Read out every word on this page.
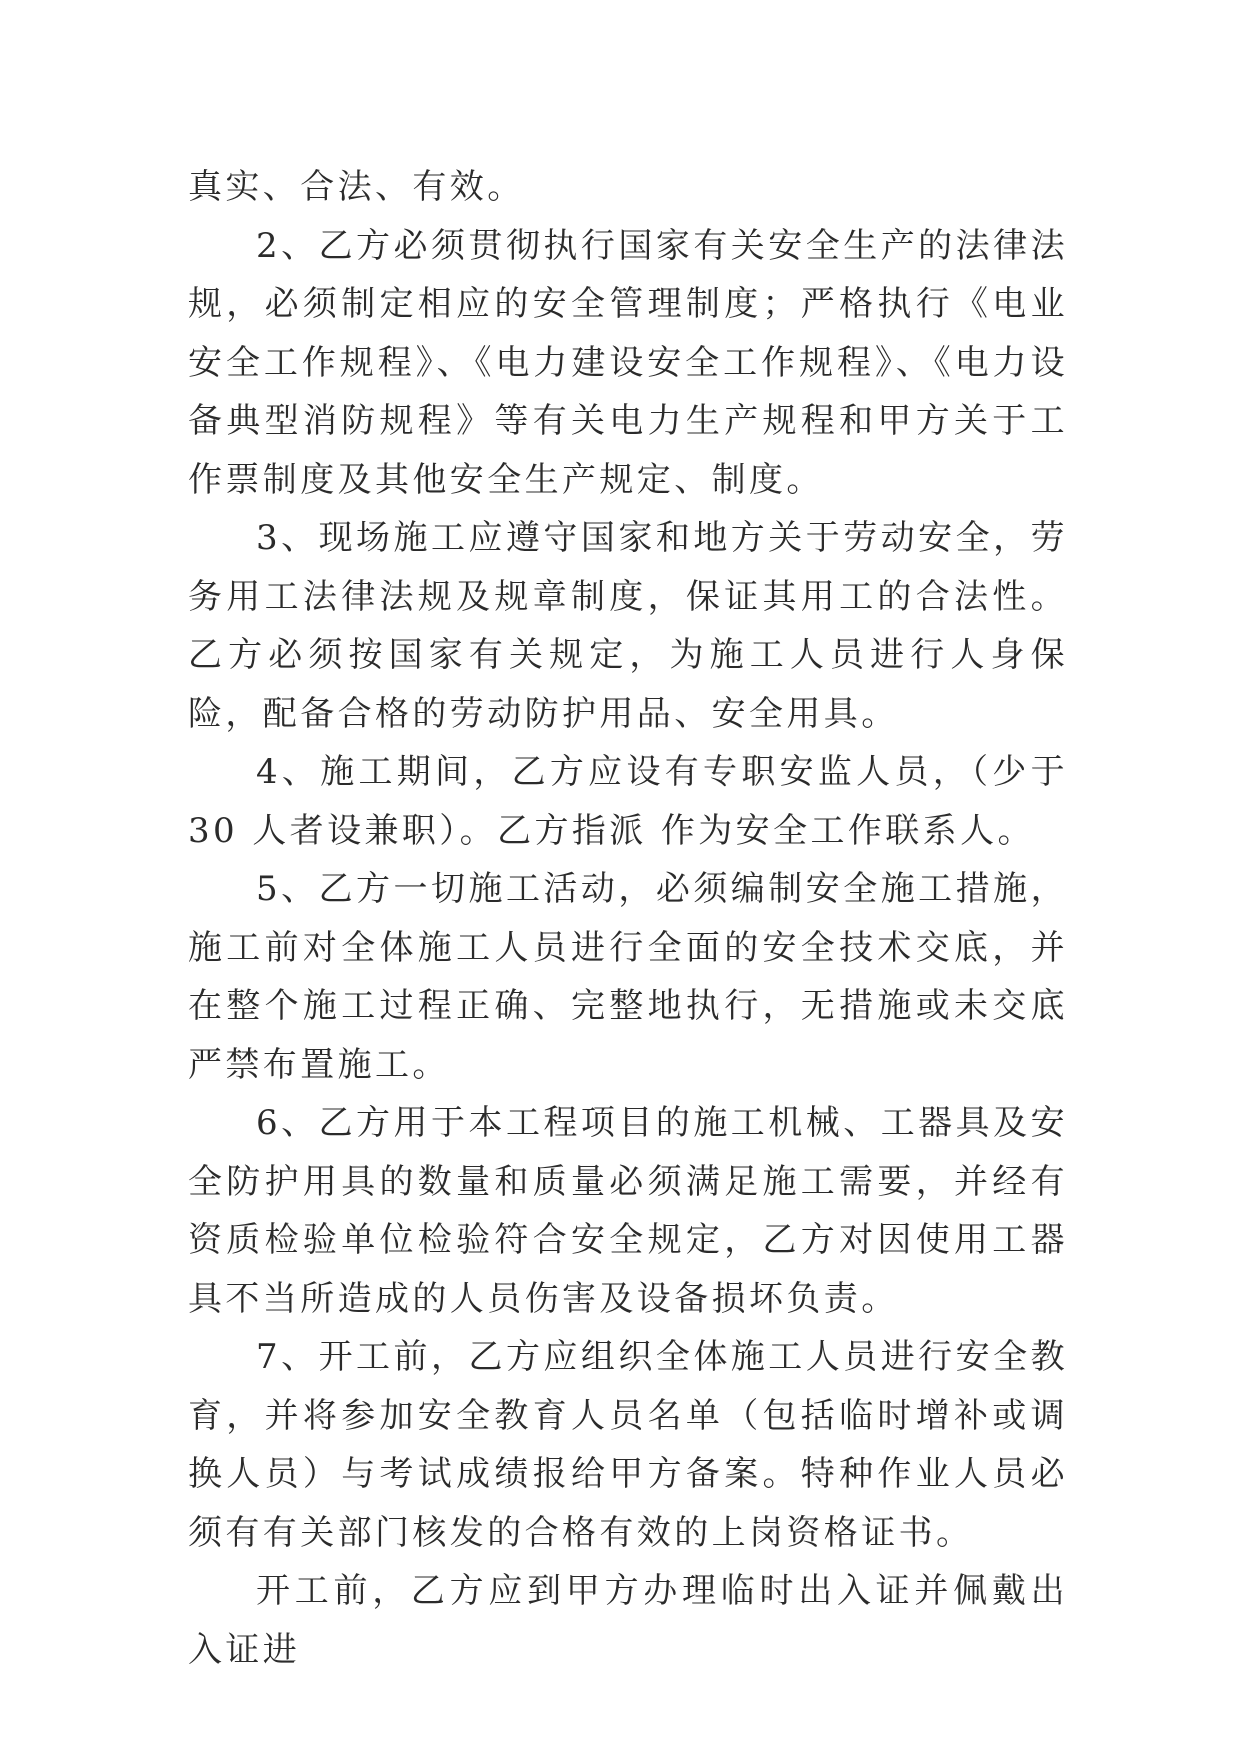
真实、合法、有效。

2、乙方必须贯彻执行国家有关安全生产的法律法规，必须制定相应的安全管理制度；严格执行《电业安全工作规程》、《电力建设安全工作规程》、《电力设备典型消防规程》等有关电力生产规程和甲方关于工作票制度及其他安全生产规定、制度。

3、现场施工应遵守国家和地方关于劳动安全，劳务用工法律法规及规章制度，保证其用工的合法性。乙方必须按国家有关规定，为施工人员进行人身保险，配备合格的劳动防护用品、安全用具。

4、施工期间，乙方应设有专职安监人员，（少于 30 人者设兼职）。乙方指派 作为安全工作联系人。

5、乙方一切施工活动，必须编制安全施工措施，施工前对全体施工人员进行全面的安全技术交底，并在整个施工过程正确、完整地执行，无措施或未交底严禁布置施工。

6、乙方用于本工程项目的施工机械、工器具及安全防护用具的数量和质量必须满足施工需要，并经有资质检验单位检验符合安全规定，乙方对因使用工器具不当所造成的人员伤害及设备损坏负责。

7、开工前，乙方应组织全体施工人员进行安全教育，并将参加安全教育人员名单（包括临时增补或调换人员）与考试成绩报给甲方备案。特种作业人员必须有有关部门核发的合格有效的上岗资格证书。

开工前，乙方应到甲方办理临时出入证并佩戴出入证进
